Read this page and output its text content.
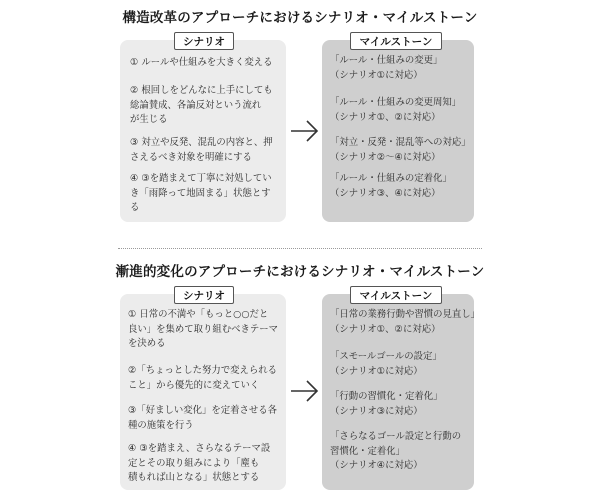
構造改革のアプローチにおけるシナリオ・マイルストーン
シナリオ
① ルールや仕組みを大きく変える
② 根回しをどんなに上手にしても
総論賛成、各論反対という流れ
が生じる
③ 対立や反発、混乱の内容と、押
さえるべき対象を明確にする
④ ③を踏まえて丁寧に対処してい
き「雨降って地固まる」状態とす
る
マイルストーン
「ルール・仕組みの変更」
（シナリオ①に対応）
「ルール・仕組みの変更周知」
（シナリオ①、②に対応）
「対立・反発・混乱等への対応」
（シナリオ②〜④に対応）
「ルール・仕組みの定着化」
（シナリオ③、④に対応）
漸進的変化のアプローチにおけるシナリオ・マイルストーン
シナリオ
① 日常の不満や「もっと○○だと
良い」を集めて取り組むべきテーマ
を決める
②「ちょっとした努力で変えられる
こと」から優先的に変えていく
③「好ましい変化」を定着させる各
種の施策を行う
④ ③を踏まえ、さらなるテーマ設
定とその取り組みにより「塵も
積もれば山となる」状態とする
マイルストーン
「日常の業務行動や習慣の見直し」
（シナリオ①、②に対応）
「スモールゴールの設定」
（シナリオ①に対応）
「行動の習慣化・定着化」
（シナリオ③に対応）
「さらなるゴール設定と行動の
習慣化・定着化」
（シナリオ④に対応）
